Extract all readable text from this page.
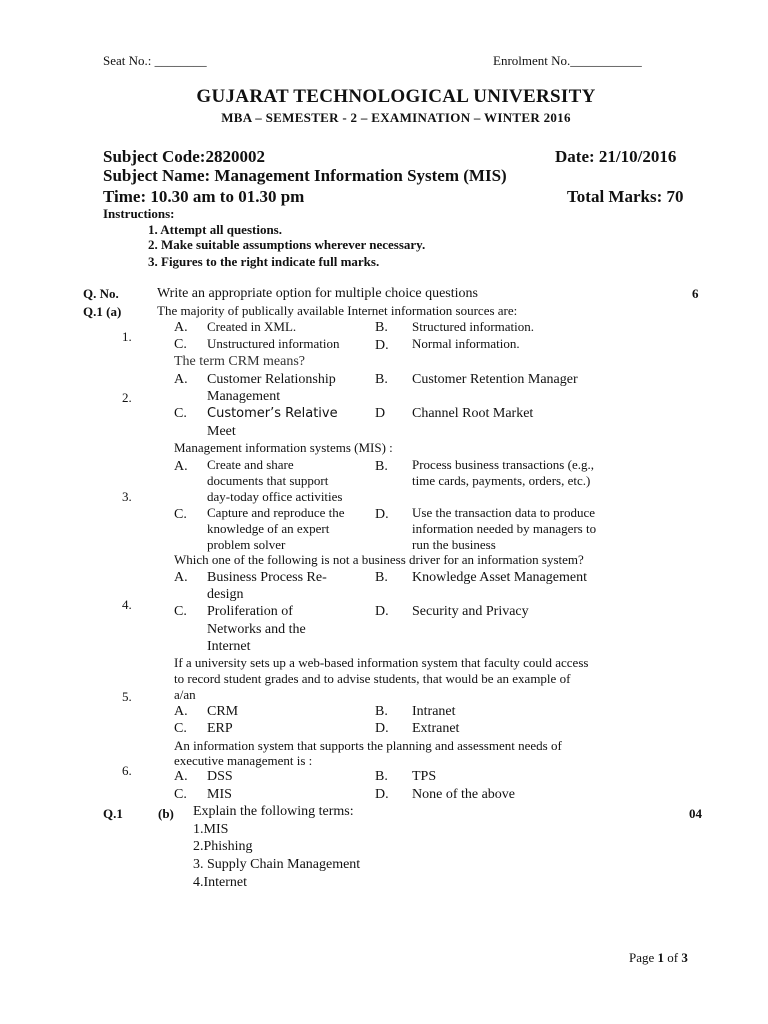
Seat No.: ________	Enrolment No.___________
GUJARAT TECHNOLOGICAL UNIVERSITY
MBA – SEMESTER - 2 – EXAMINATION – WINTER 2016
Subject Code:2820002	Date: 21/10/2016
Subject Name: Management Information System (MIS)
Time: 10.30 am to 01.30 pm	Total Marks: 70
Instructions:
1. Attempt all questions.
2. Make suitable assumptions wherever necessary.
3. Figures to the right indicate full marks.
Q. No.	Write an appropriate option for multiple choice questions	6
Q.1 (a)	The majority of publically available Internet information sources are:
1.
A. Created in XML.	B. Structured information.
C. Unstructured information	D. Normal information.
The term CRM means?
2.
A. Customer Relationship
Management
B. Customer Retention Manager
C. Customer’s Relative
Meet
D Channel Root Market
Management information systems (MIS) :
3.
A. Create and share
documents that support
day-today office activities
B. Process business transactions (e.g.,
time cards, payments, orders, etc.)
C. Capture and reproduce the
knowledge of an expert
problem solver
D. Use the transaction data to produce
information needed by managers to
run the business
Which one of the following is not a business driver for an information system?
4.
A. Business Process Re-
design
B. Knowledge Asset Management
C. Proliferation of
Networks and the
Internet
D. Security and Privacy
If a university sets up a web-based information system that faculty could access
to record student grades and to advise students, that would be an example of
a/an
5.
A. CRM	B. Intranet
C. ERP	D. Extranet
An information system that supports the planning and assessment needs of
executive management is :
6.	A. DSS	B. TPS
C. MIS	D. None of the above
Q.1	(b) Explain the following terms:	04
1.MIS
2.Phishing
3. Supply Chain Management
4.Internet
Page 1 of 3
